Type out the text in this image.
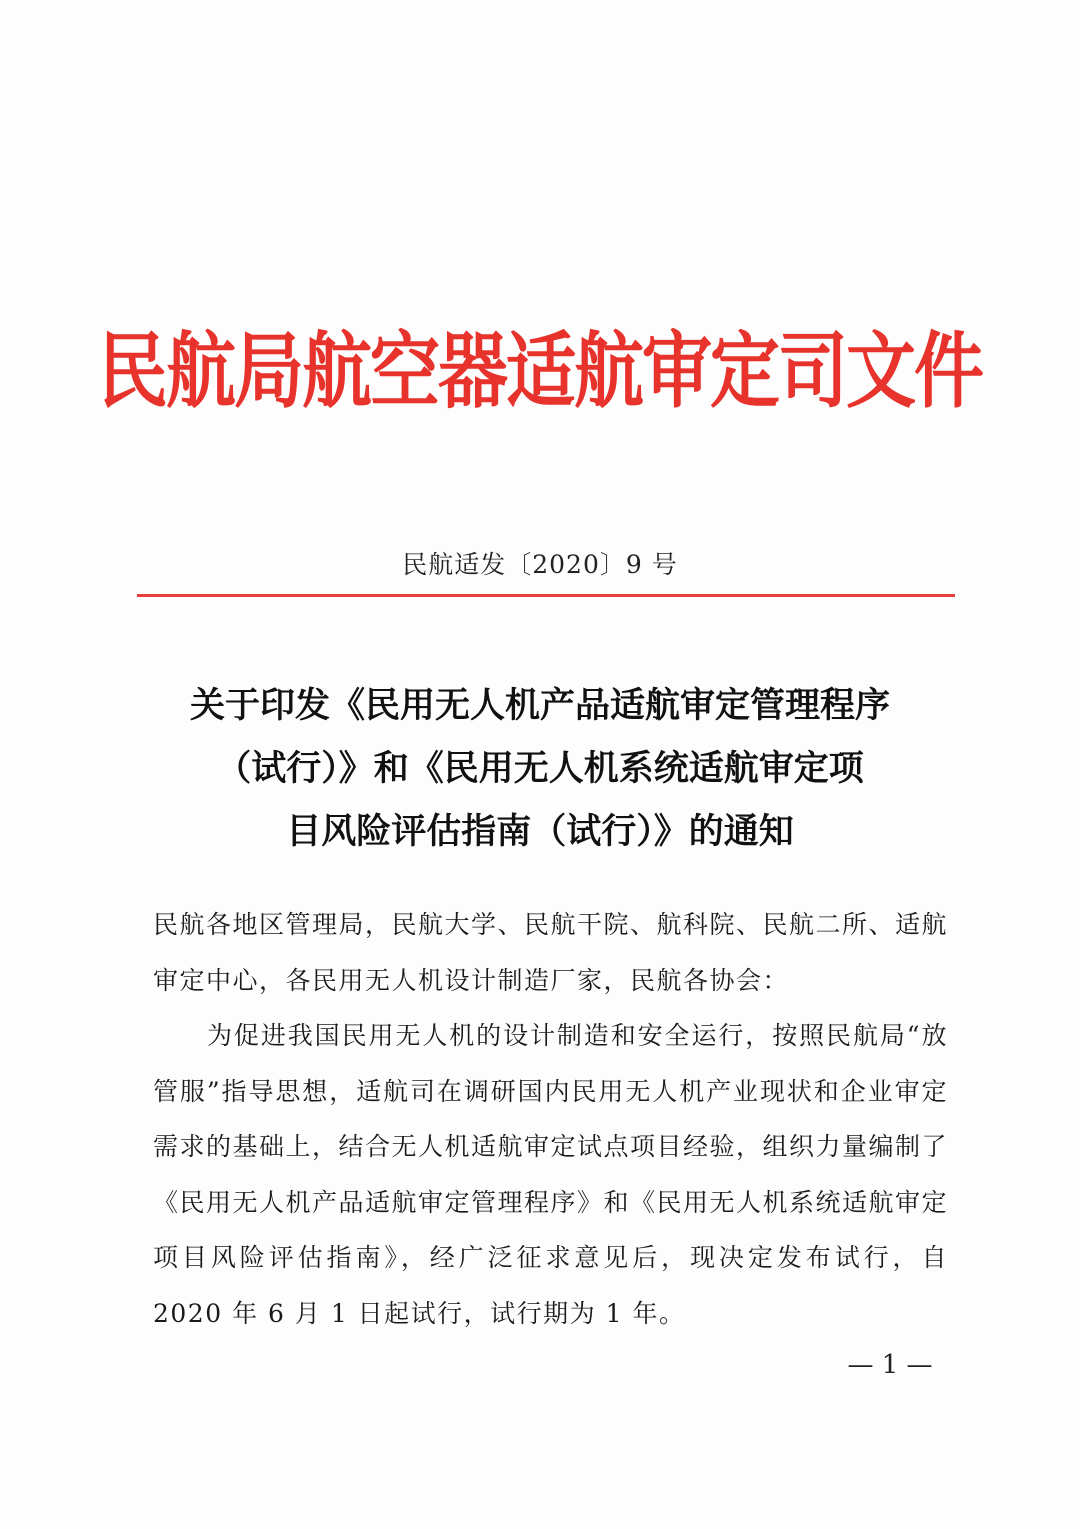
民航局航空器适航审定司文件
民航适发〔2020〕9 号
关于印发《民用无人机产品适航审定管理程序
（试行）》和《民用无人机系统适航审定项
目风险评估指南（试行）》的通知

民航各地区管理局，民航大学、民航干院、航科院、民航二所、适航审定中心，各民用无人机设计制造厂家，民航各协会：

为促进我国民用无人机的设计制造和安全运行，按照民航局“放管服”指导思想，适航司在调研国内民用无人机产业现状和企业审定需求的基础上，结合无人机适航审定试点项目经验，组织力量编制了《民用无人机产品适航审定管理程序》和《民用无人机系统适航审定项目风险评估指南》，经广泛征求意见后，现决定发布试行，自 2020 年 6 月 1 日起试行，试行期为 1 年。

— 1 —
